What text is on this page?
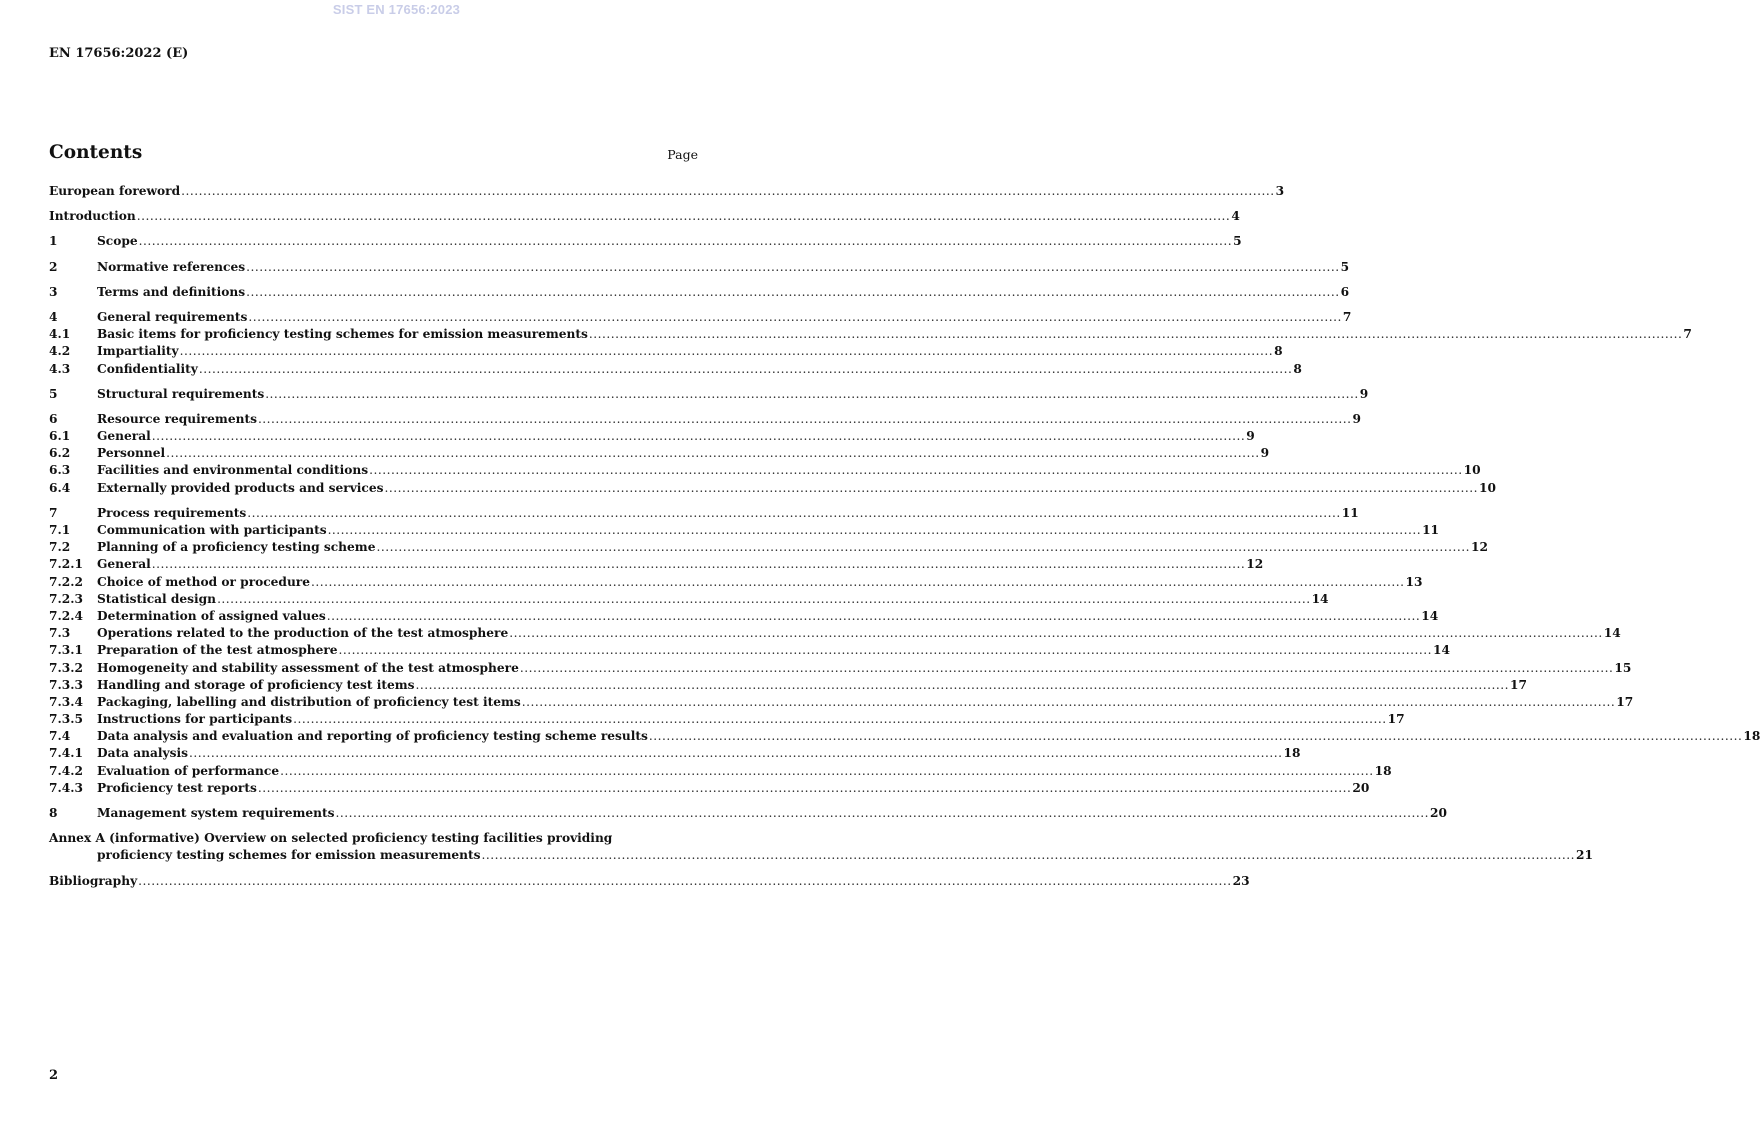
SIST EN 17656:2023
EN 17656:2022 (E)
Contents	Page
European foreword .....	3
Introduction .....	4
1	Scope .....	5
2	Normative references .....	5
3	Terms and definitions .....	6
4	General requirements .....	7
4.1	Basic items for proficiency testing schemes for emission measurements .....	7
4.2	Impartiality .....	8
4.3	Confidentiality .....	8
5	Structural requirements .....	9
6	Resource requirements .....	9
6.1	General .....	9
6.2	Personnel .....	9
6.3	Facilities and environmental conditions .....	10
6.4	Externally provided products and services .....	10
7	Process requirements .....	11
7.1	Communication with participants .....	11
7.2	Planning of a proficiency testing scheme .....	12
7.2.1	General .....	12
7.2.2	Choice of method or procedure .....	13
7.2.3	Statistical design .....	14
7.2.4	Determination of assigned values .....	14
7.3	Operations related to the production of the test atmosphere .....	14
7.3.1	Preparation of the test atmosphere .....	14
7.3.2	Homogeneity and stability assessment of the test atmosphere .....	15
7.3.3	Handling and storage of proficiency test items .....	17
7.3.4	Packaging, labelling and distribution of proficiency test items .....	17
7.3.5	Instructions for participants .....	17
7.4	Data analysis and evaluation and reporting of proficiency testing scheme results .....	18
7.4.1	Data analysis .....	18
7.4.2	Evaluation of performance .....	18
7.4.3	Proficiency test reports .....	20
8	Management system requirements .....	20
Annex A (informative) Overview on selected proficiency testing facilities providing
proficiency testing schemes for emission measurements .....	21
Bibliography .....	23
2
